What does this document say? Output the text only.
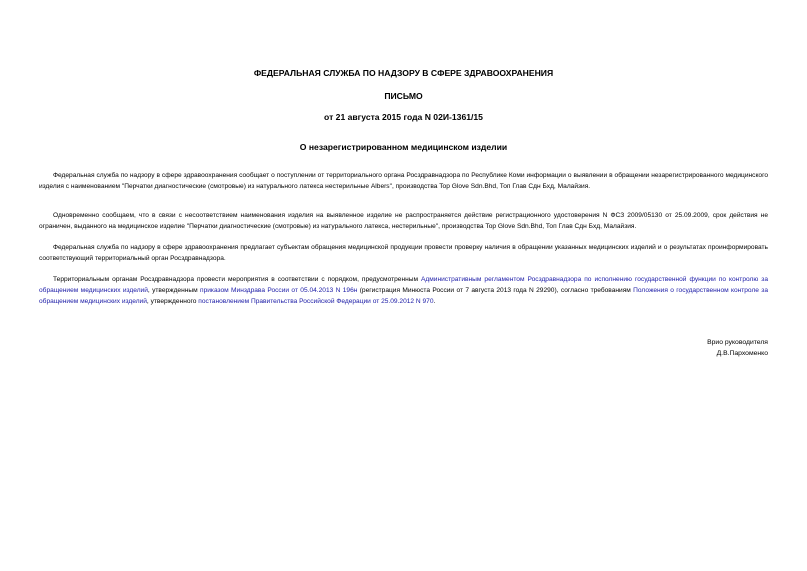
ФЕДЕРАЛЬНАЯ СЛУЖБА ПО НАДЗОРУ В СФЕРЕ ЗДРАВООХРАНЕНИЯ
ПИСЬМО
от 21 августа 2015 года N 02И-1361/15
О незарегистрированном медицинском изделии

Федеральная служба по надзору в сфере здравоохранения сообщает о поступлении от территориального органа Росздравнадзора по Республике Коми информации о выявлении в обращении незарегистрированного медицинского изделия с наименованием "Перчатки диагностические (смотровые) из натурального латекса нестерильные Albers", производства Top Glove Sdn.Bhd, Топ Глав Сдн Бхд, Малайзия.

Одновременно сообщаем, что в связи с несоответствием наименования изделия на выявленное изделие не распространяется действие регистрационного удостоверения N ФСЗ 2009/05130 от 25.09.2009, срок действия не ограничен, выданного на медицинское изделие "Перчатки диагностические (смотровые) из натурального латекса, нестерильные", производства Top Glove Sdn.Bhd, Топ Глав Сдн Бхд, Малайзия.

Федеральная служба по надзору в сфере здравоохранения предлагает субъектам обращения медицинской продукции провести проверку наличия в обращении указанных медицинских изделий и о результатах проинформировать соответствующий территориальный орган Росздравнадзора.

Территориальным органам Росздравнадзора провести мероприятия в соответствии с порядком, предусмотренным Административным регламентом Росздравнадзора по исполнению государственной функции по контролю за обращением медицинских изделий, утвержденным приказом Минздрава России от 05.04.2013 N 196н (регистрация Минюста России от 7 августа 2013 года N 29290), согласно требованиям Положения о государственном контроле за обращением медицинских изделий, утвержденного постановлением Правительства Российской Федерации от 25.09.2012 N 970.

Врио руководителя
Д.В.Пархоменко
